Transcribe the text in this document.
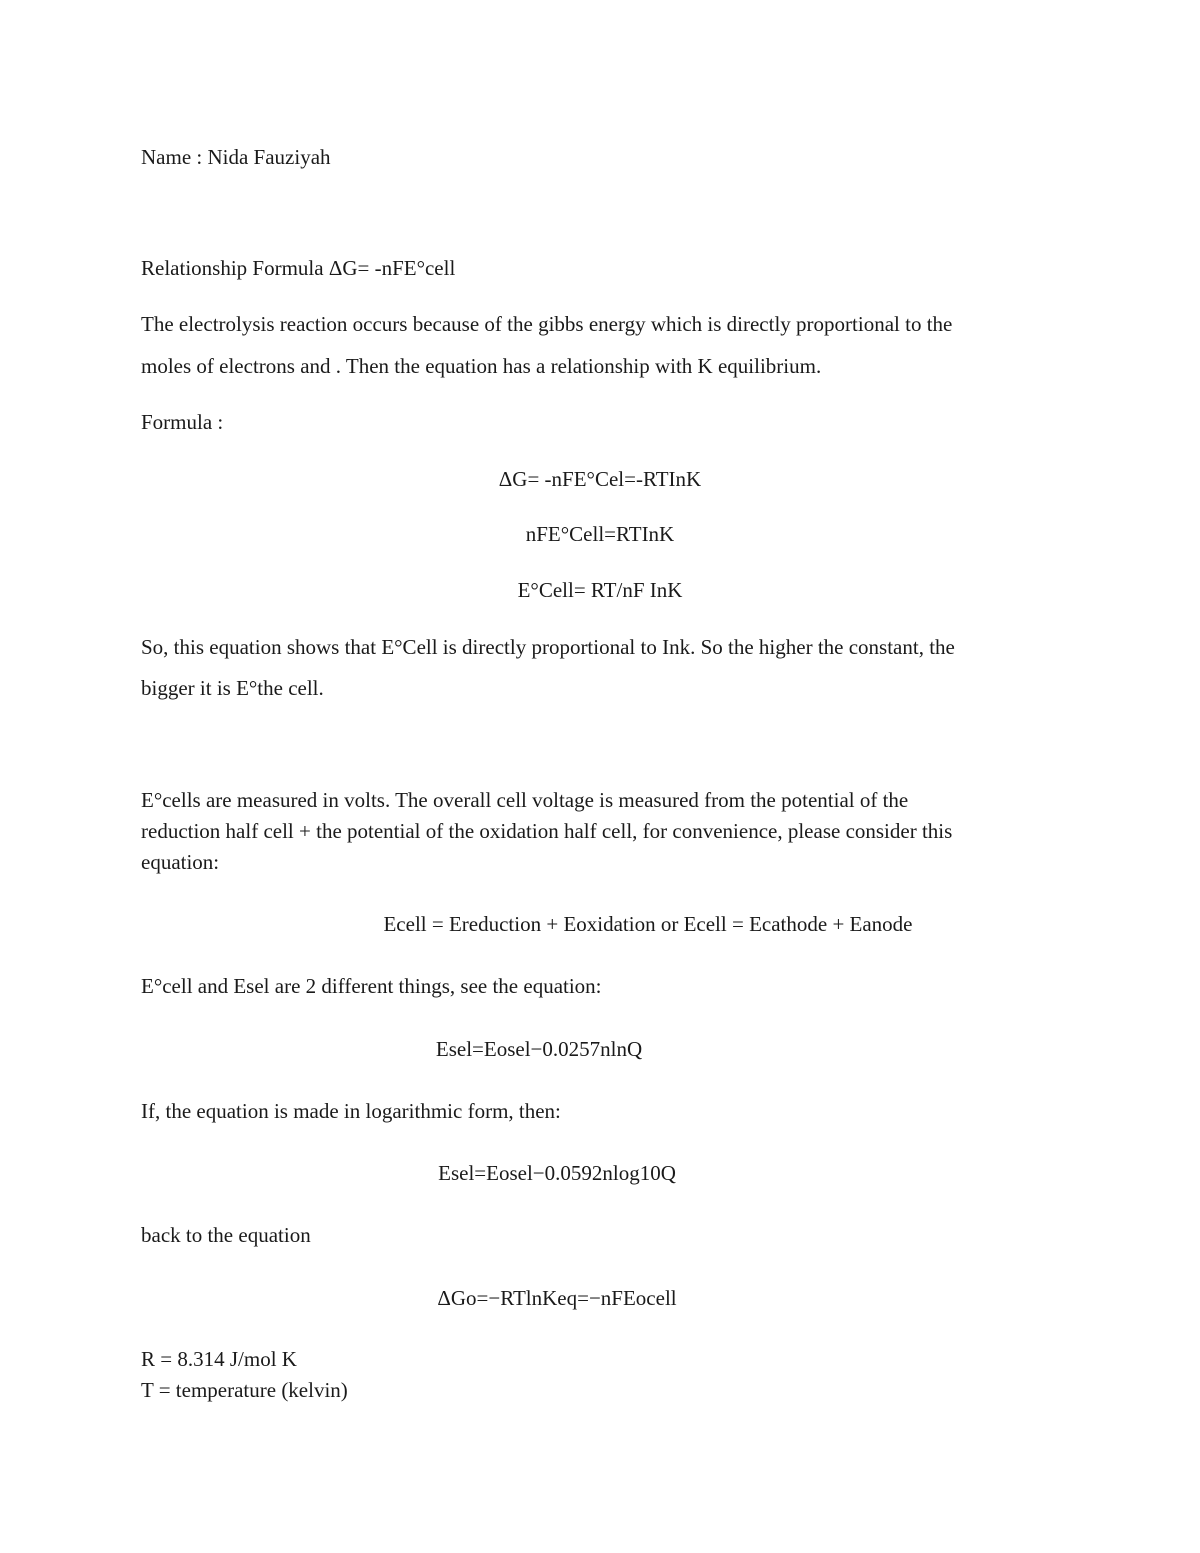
Name : Nida Fauziyah
Relationship Formula ΔG= -nFE°cell
The electrolysis reaction occurs because of the gibbs energy which is directly proportional to the
moles of electrons and . Then the equation has a relationship with K equilibrium.
Formula :
ΔG= -nFE°Cel=-RTInK
nFE°Cell=RTInK
E°Cell= RT/nF InK
So, this equation shows that E°Cell is directly proportional to Ink. So the higher the constant, the
bigger it is E°the cell.
E°cells are measured in volts. The overall cell voltage is measured from the potential of the
reduction half cell + the potential of the oxidation half cell, for convenience, please consider this
equation:
Ecell = Ereduction + Eoxidation or Ecell = Ecathode + Eanode
E°cell and Esel are 2 different things, see the equation:
Esel=Eosel−0.0257nlnQ
If, the equation is made in logarithmic form, then:
Esel=Eosel−0.0592nlog10Q
back to the equation
ΔGo=−RTlnKeq=−nFEocell
R = 8.314 J/mol K
T = temperature (kelvin)
